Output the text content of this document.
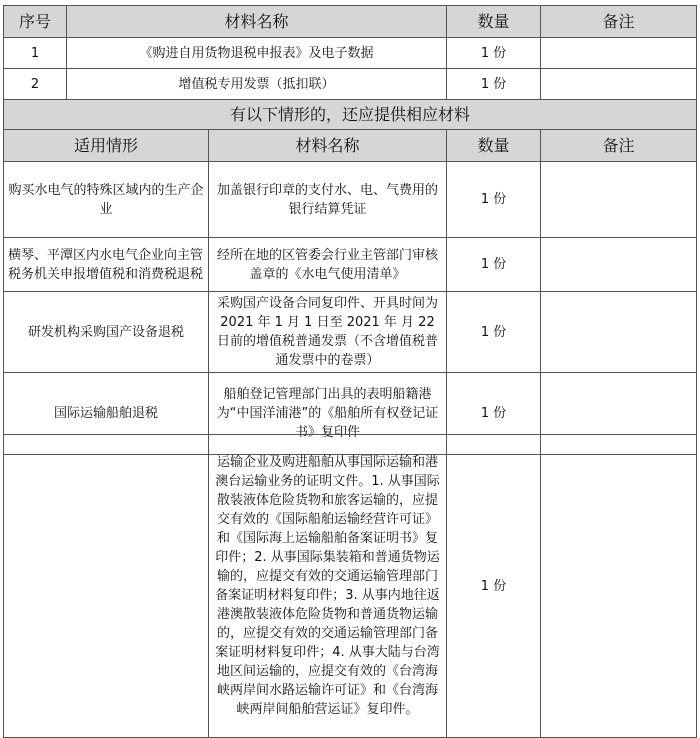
序号	材料名称		数量	备注
1	《购进自用货物退税申报表》及电子数据		1 份	
2	增值税专用发票（抵扣联）		1 份	
有以下情形的，还应提供相应材料				
适用情形		材料名称	数量	备注
购买水电气的特殊区域内的生产企业		加盖银行印章的支付水、电、气费用的银行结算凭证	1 份	
横琴、平潭区内水电气企业向主管税务机关申报增值税和消费税退税		经所在地的区管委会行业主管部门审核盖章的《水电气使用清单》	1 份	
研发机构采购国产设备退税		采购国产设备合同复印件、开具时间为 2021 年 1 月 1 日至 2021 年 月 22 日前的增值税普通发票（不含增值税普通发票中的卷票）	1 份	
国际运输船舶退税		船舶登记管理部门出具的表明船籍港为“中国洋浦港”的《船舶所有权登记证书》复印件	1 份	
	运输企业及购进船舶从事国际运输和港澳台运输业务的证明文件。1. 从事国际散装液体危险货物和旅客运输的，应提交有效的《国际船舶运输经营许可证》和《国际海上运输船舶备案证明书》复印件；2. 从事国际集装箱和普通货物运输的，应提交有效的交通运输管理部门备案证明材料复印件；3. 从事内地往返港澳散装液体危险货物和普通货物运输的，应提交有效的交通运输管理部门备案证明材料复印件；4. 从事大陆与台湾地区间运输的，应提交有效的《台湾海峡两岸间水路运输许可证》和《台湾海峡两岸间船舶营运证》复印件。	1 份	
